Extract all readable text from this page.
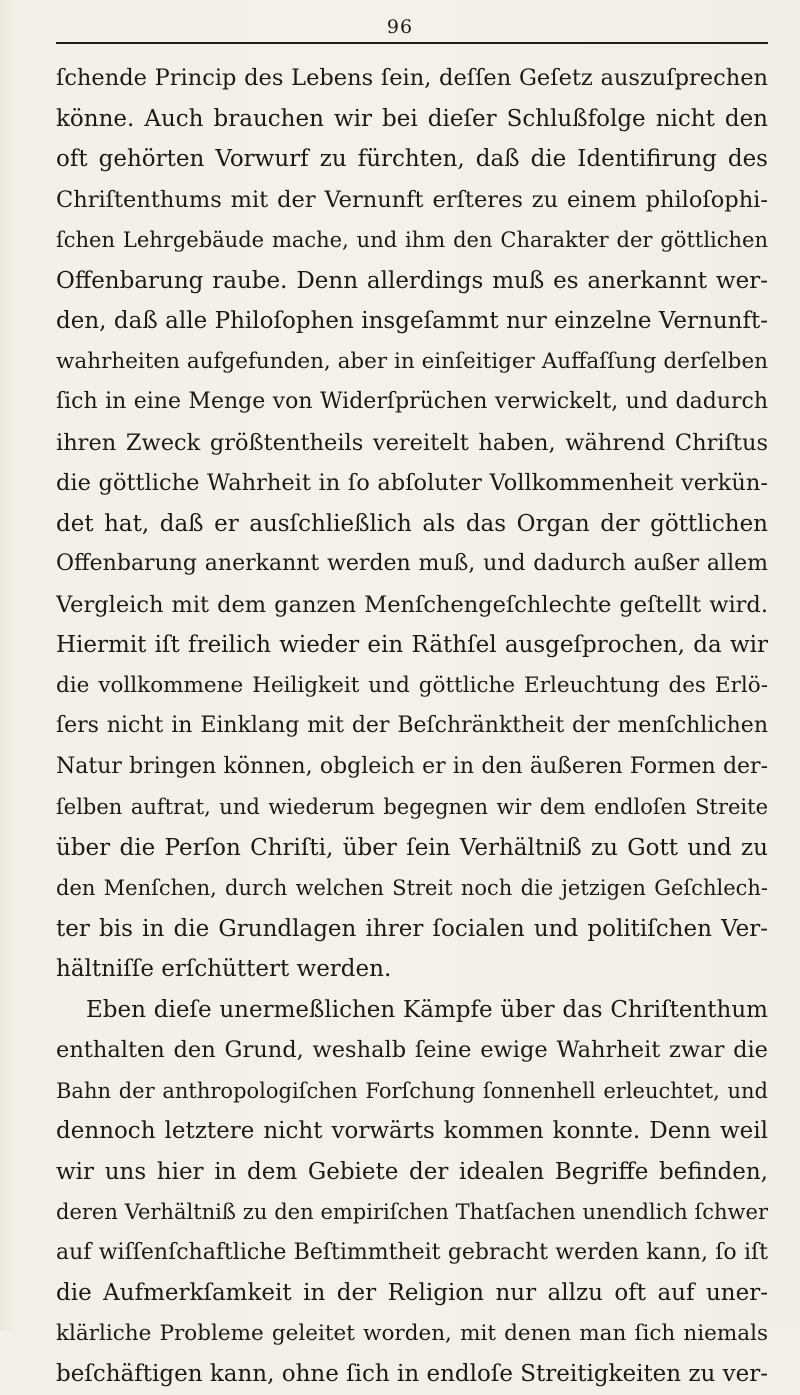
96
ſchende Princip des Lebens ſein, deſſen Geſetz auszuſprechen
könne. Auch brauchen wir bei dieſer Schlußfolge nicht den
oft gehörten Vorwurf zu fürchten, daß die Identifirung des
Chriſtenthums mit der Vernunft erſteres zu einem philoſophi-
ſchen Lehrgebäude mache, und ihm den Charakter der göttlichen
Offenbarung raube. Denn allerdings muß es anerkannt wer-
den, daß alle Philoſophen insgeſammt nur einzelne Vernunft-
wahrheiten aufgefunden, aber in einſeitiger Auffaſſung derſelben
ſich in eine Menge von Widerſprüchen verwickelt, und dadurch
ihren Zweck größtentheils vereitelt haben, während Chriſtus
die göttliche Wahrheit in ſo abſoluter Vollkommenheit verkün-
det hat, daß er ausſchließlich als das Organ der göttlichen
Offenbarung anerkannt werden muß, und dadurch außer allem
Vergleich mit dem ganzen Menſchengeſchlechte geſtellt wird.
Hiermit iſt freilich wieder ein Räthſel ausgeſprochen, da wir
die vollkommene Heiligkeit und göttliche Erleuchtung des Erlö-
ſers nicht in Einklang mit der Beſchränktheit der menſchlichen
Natur bringen können, obgleich er in den äußeren Formen der-
ſelben auftrat, und wiederum begegnen wir dem endloſen Streite
über die Perſon Chriſti, über ſein Verhältniß zu Gott und zu
den Menſchen, durch welchen Streit noch die jetzigen Geſchlech-
ter bis in die Grundlagen ihrer ſocialen und politiſchen Ver-
hältniſſe erſchüttert werden.
Eben dieſe unermeßlichen Kämpfe über das Chriſtenthum
enthalten den Grund, weshalb ſeine ewige Wahrheit zwar die
Bahn der anthropologiſchen Forſchung ſonnenhell erleuchtet, und
dennoch letztere nicht vorwärts kommen konnte. Denn weil
wir uns hier in dem Gebiete der idealen Begriffe befinden,
deren Verhältniß zu den empiriſchen Thatſachen unendlich ſchwer
auf wiſſenſchaftliche Beſtimmtheit gebracht werden kann, ſo iſt
die Aufmerkſamkeit in der Religion nur allzu oft auf uner-
klärliche Probleme geleitet worden, mit denen man ſich niemals
beſchäftigen kann, ohne ſich in endloſe Streitigkeiten zu ver-
